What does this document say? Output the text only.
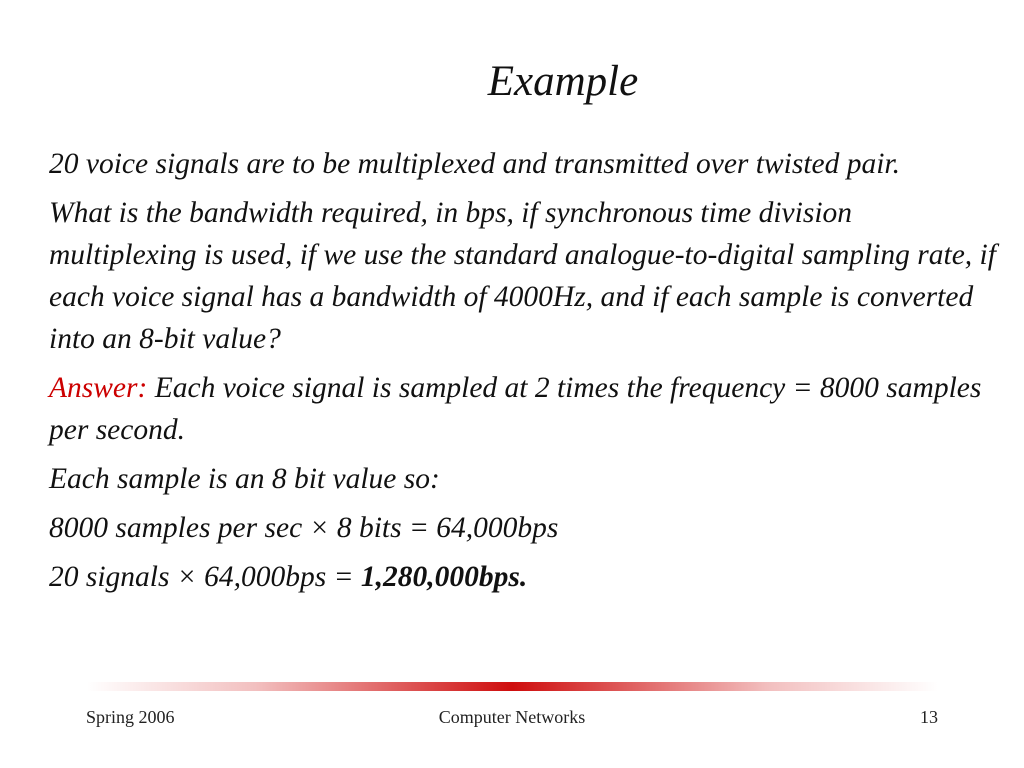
Example

20 voice signals are to be multiplexed and transmitted over twisted pair.

What is the bandwidth required, in bps, if synchronous time division multiplexing is used, if we use the standard analogue-to-digital sampling rate, if each voice signal has a bandwidth of 4000Hz, and if each sample is converted into an 8-bit value?

Answer: Each voice signal is sampled at 2 times the frequency = 8000 samples per second.

Each sample is an 8 bit value so:

8000 samples per sec × 8 bits = 64,000bps

20 signals × 64,000bps = 1,280,000bps.

Spring 2006	Computer Networks	13
